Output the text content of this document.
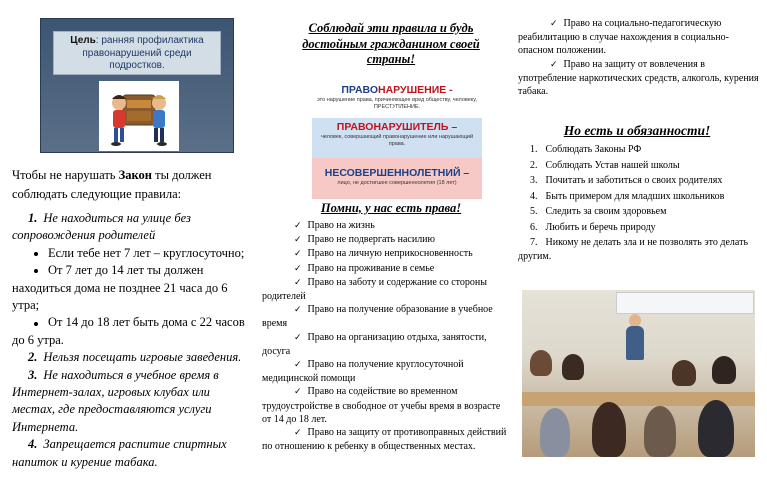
Цель: ранняя профилактика правонарушений среди подростков.
Чтобы не нарушать Закон ты должен соблюдать следующие правила:

1. Не находиться на улице без сопровождения родителей

Если тебе нет 7 лет – круглосуточно;

От 7 лет до 14 лет ты должен находиться дома не позднее 21 часа до 6 утра;

От 14 до 18 лет быть дома с 22 часов до 6 утра.

2. Нельзя посещать игровые заведения.

3. Не находиться в учебное время в Интернет-залах, игровых клубах или местах, где предоставляются услуги Интернета.

4. Запрещается распитие спиртных напиток и курение табака.

Соблюдай эти правила и будь достойным гражданином своей страны!
ПРАВОНАРУШЕНИЕ -
это нарушение права, причиняющее вред обществу, человеку, ПРЕСТУПЛЕНИЕ.
ПРАВОНАРУШИТЕЛЬ –
человек, совершающий правонарушение или нарушающий права.
НЕСОВЕРШЕННОЛЕТНИЙ –
лицо, не достигшее совершеннолетия (18 лет)
Помни, у нас есть права!

✓ Право на жизнь

✓ Право не подвергать насилию

✓ Право на личную неприкосновенность

✓ Право на проживание в семье

✓ Право на заботу и содержание со стороны родителей

✓ Право на получение образование в учебное время

✓ Право на организацию отдыха, занятости, досуга

✓ Право на получение круглосуточной медицинской помощи

✓ Право на содействие во временном трудоустройстве в свободное от учебы время в возрасте от 14 до 18 лет.

✓ Право на защиту от противоправных действий по отношению к ребенку в общественных местах.

✓ Право на социально-педагогическую реабилитацию в случае нахождения в социально-опасном положении.

✓ Право на защиту от вовлечения в употребление наркотических средств, алкоголь, курения табака.

Но есть и обязанности!

1. Соблюдать Законы РФ

2. Соблюдать Устав нашей школы

3. Почитать и заботиться о своих родителях

4. Быть примером для младших школьников

5. Следить за своим здоровьем

6. Любить и беречь природу

7. Никому не делать зла и не позволять это делать другим.
